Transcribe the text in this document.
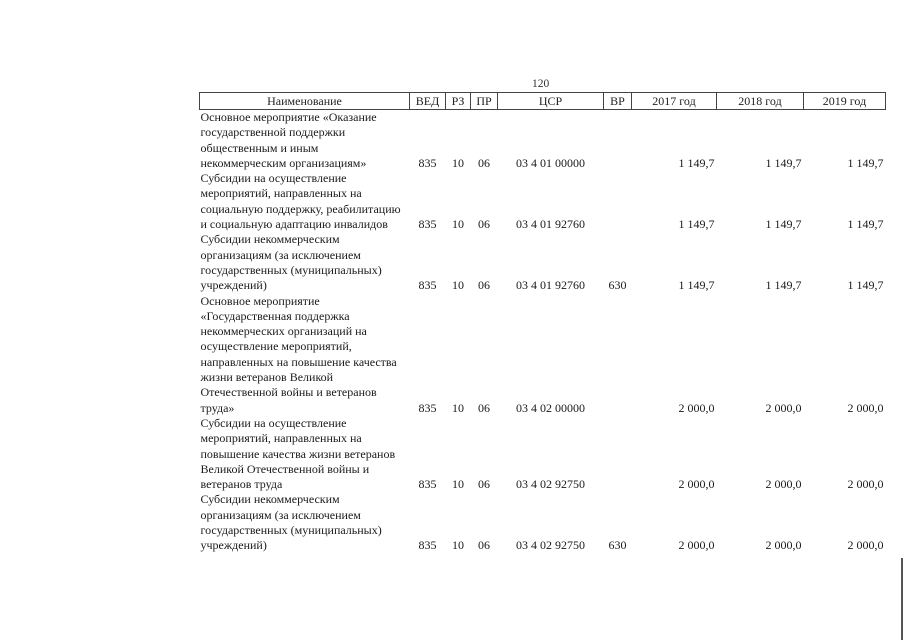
120
Наименование	ВЕД	РЗ	ПР	ЦСР	ВР	2017 год	2018 год	2019 год
Основное мероприятие «Оказание государственной поддержки общественным и иным некоммерческим организациям»	835	10	06	03 4 01 00000		1 149,7	1 149,7	1 149,7
Субсидии на осуществление мероприятий, направленных на социальную поддержку, реабилитацию и социальную адаптацию инвалидов	835	10	06	03 4 01 92760		1 149,7	1 149,7	1 149,7
Субсидии некоммерческим организациям (за исключением государственных (муниципальных) учреждений)	835	10	06	03 4 01 92760	630	1 149,7	1 149,7	1 149,7
Основное мероприятие «Государственная поддержка некоммерческих организаций на осуществление мероприятий, направленных на повышение качества жизни ветеранов Великой Отечественной войны и ветеранов труда»	835	10	06	03 4 02 00000		2 000,0	2 000,0	2 000,0
Субсидии на осуществление мероприятий, направленных на повышение качества жизни ветеранов Великой Отечественной войны и ветеранов труда	835	10	06	03 4 02 92750		2 000,0	2 000,0	2 000,0
Субсидии некоммерческим организациям (за исключением государственных (муниципальных) учреждений)	835	10	06	03 4 02 92750	630	2 000,0	2 000,0	2 000,0
